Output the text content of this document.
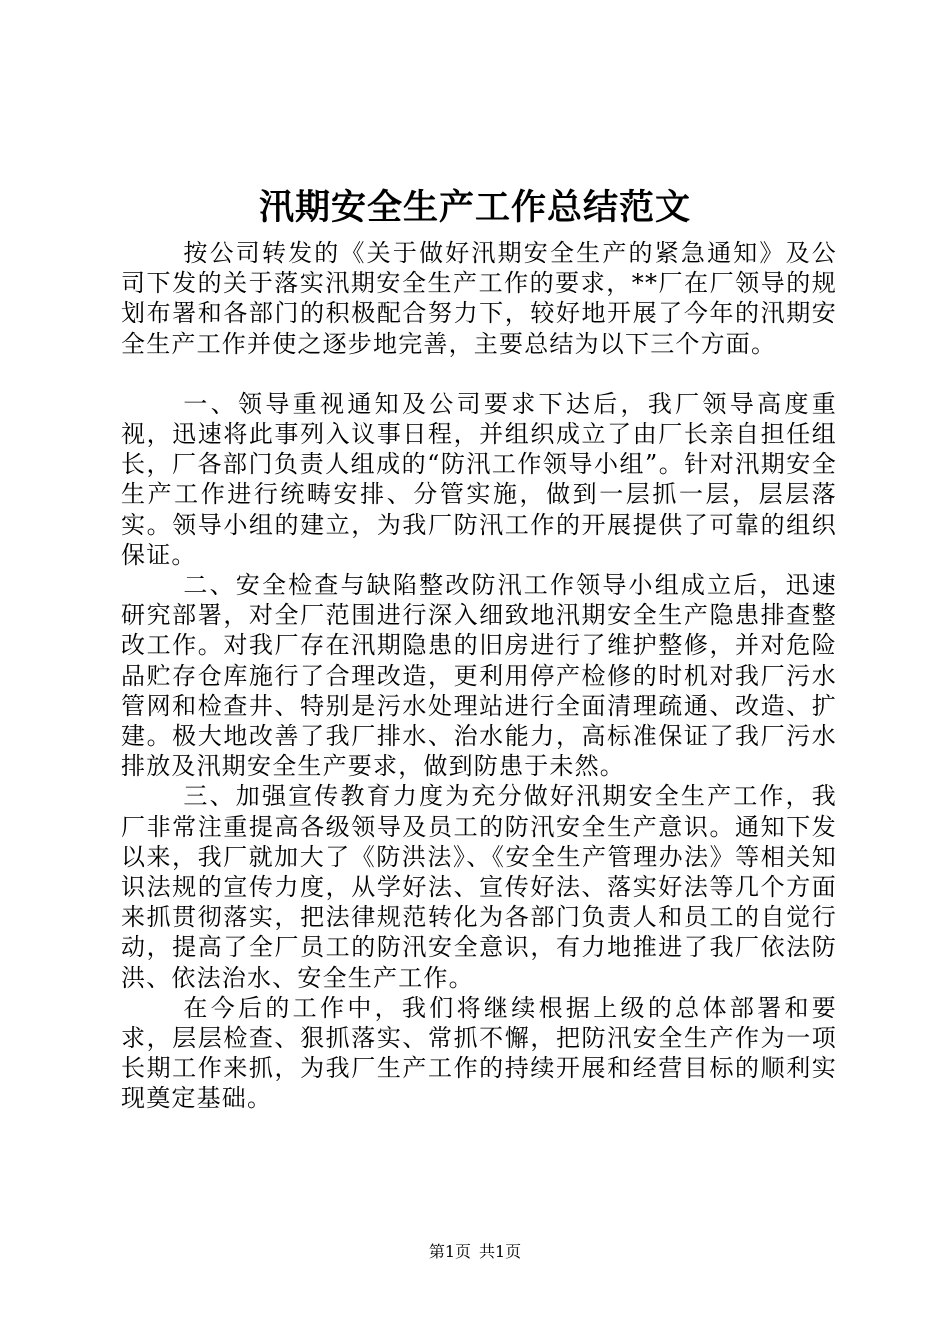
汛期安全生产工作总结范文

按公司转发的《关于做好汛期安全生产的紧急通知》及公司下发的关于落实汛期安全生产工作的要求，**厂在厂领导的规划布署和各部门的积极配合努力下，较好地开展了今年的汛期安全生产工作并使之逐步地完善，主要总结为以下三个方面。

一、领导重视通知及公司要求下达后，我厂领导高度重视，迅速将此事列入议事日程，并组织成立了由厂长亲自担任组长，厂各部门负责人组成的“防汛工作领导小组”。针对汛期安全生产工作进行统畴安排、分管实施，做到一层抓一层，层层落实。领导小组的建立，为我厂防汛工作的开展提供了可靠的组织保证。

二、安全检查与缺陷整改防汛工作领导小组成立后，迅速研究部署，对全厂范围进行深入细致地汛期安全生产隐患排查整改工作。对我厂存在汛期隐患的旧房进行了维护整修，并对危险品贮存仓库施行了合理改造，更利用停产检修的时机对我厂污水管网和检查井、特别是污水处理站进行全面清理疏通、改造、扩建。极大地改善了我厂排水、治水能力，高标准保证了我厂污水排放及汛期安全生产要求，做到防患于未然。

三、加强宣传教育力度为充分做好汛期安全生产工作，我厂非常注重提高各级领导及员工的防汛安全生产意识。通知下发以来，我厂就加大了《防洪法》、《安全生产管理办法》等相关知识法规的宣传力度，从学好法、宣传好法、落实好法等几个方面来抓贯彻落实，把法律规范转化为各部门负责人和员工的自觉行动，提高了全厂员工的防汛安全意识，有力地推进了我厂依法防洪、依法治水、安全生产工作。

在今后的工作中，我们将继续根据上级的总体部署和要求，层层检查、狠抓落实、常抓不懈，把防汛安全生产作为一项长期工作来抓，为我厂生产工作的持续开展和经营目标的顺利实现奠定基础。

第1页 共1页
